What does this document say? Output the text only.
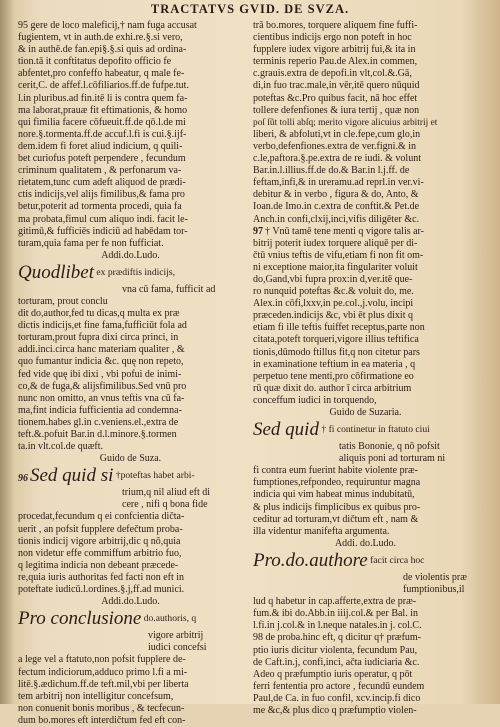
TRACTATVS GVID. DE SVZA.
95 gere de loco maleficij,† nam fuga accusat
fugientem, vt in auth.de exhi.re.§.si vero,
& in authē.de fan.epi§.§.si quis ad ordina-
tion.tā it conftitatus depofito officio fe
abfentet,pro confeffo habeatur, q male fe-
cerit,C. de affef.l.cōfiliarios.ff.de fufpe.tut.
l.in pluribus.ad fin.itē li is contra quem fa-
ma laborat,prauæ fit eftimationis, & homo
qui fimilia facere cōfueuit.ff.de qō.l.de mi
nore.§.tormenta.ff.de accuf.l.fi is cui.§.ijf-
dem.idem fi foret aliud indicium, q quili-
bet curiofus poteft perpendere , fecundum
criminum qualitatem , & perfonarum va-
rietatem,tunc cum adeft aliquod de prædi-
ctis indicijs,vel alijs fimilibus,& fama pro
betur,poterit ad tormenta procedi, quia fa
ma probata,fimul cum aliquo indi. facit le-
gitimū,& fufficiēs indiciū ad habēdam tor-
turam,quia fama per fe non fufficiat.
Addi.do.Ludo.
Quodlibet $^{ex prædiftis indicijs,}$
vna cū fama, fufficit ad
torturam, prout conclu
dit do,author,fed tu dicas,q multa ex præ
dictis indicijs,et fine fama,fufficiūt fola ad
torturam,prout fupra dixi circa princi, in
addi.inci.circa hanc materiam qualiter , &
quo fumantur indicia &c. quę non repeto,
fed vide quę ibi dixi , vbi pofui de inimi-
co,& de fuga,& alijsfimilibus.Sed vnū pro
nunc non omitto, an vnus teftis vna cū fa-
ma,fint indicia fufficientia ad condemna-
tionem.habes gl.in c.veniens.el.,extra de
teft.&.pofuit Bar.in d.l.minore.§.tormen
ta.in vlt.col.de quæft.
Guido de Suza.
96 Sed quid si $^{\dagger poteftas habet arbi-}$
trium,q nil aliud eft di
cere , nifi q bona fide
procedat,fecundum q ei confcientia dičta-
uerit , an pofsit fupplere defečtum proba-
tionis indicij vigore arbitrij,dic q nō,quia
non videtur effe commiffum arbitrio fuo,
q legitima indicia non debeant præcede-
re,quia iuris authoritas fed facti non eft in
poteftate iudicū.l.ordines.§.j,ff.ad munici.
Addi.do.Ludo.
Pro conclusione $^{do.authoris, q}$
vigore arbitrij
iudici concefsi
a lege vel a ftatuto,non pofsit fupplere de-
fectum indiciorum,adduco primo l.fi a mi-
litē.§.ædichum.ff.de teft.mil,vbi per liberta
tem arbitrij non intelligitur concefsum,
non conuenit bonis moribus , & tecfecun-
dum bo.mores eft interdičtum fed eft con-
trā bo.mores, torquere aliquem fine fuffi-
cientibus indicijs ergo non poteft in hoc
fupplere iudex vigore arbitrij fui,& ita in
terminis reperio Pau.de Alex.in commen,
c.grauis.extra de depofi.in vlt,col.&.Gā,
di,in fuo trac.male,in vēr,itē quero nūquid
poteftas &c.Pro quibus facit, nā hoc effet
tollere defenfiones & iura tertij , quæ non
poſ ſũt tolli abſq; merito vigore alicuius arbitrij et
liberi, & abfoluti,vt in cle.fepe,cum glo,in
verbo,defenfiones.extra de ver.figni.& in
c.le,paftora.§.pe.extra de re iudi. & volunt
Bar.in.l.illius.ff.de do.& Bar.in l.j.ff. de
feftam,infi,& in ureramu.ad reprl.in ver.vi-
debitur & in verbo , figura & do, Anto, &
Ioan.de Imo.in c.extra de conftit.& Pet.de
Anch.in confi,clxij,inci,vifis diligēter &c.
97 † Vnū tamē tene menti q vigore talis ar-
bitrij poterit iudex torquere aliquē per di-
čtū vnius teftis de vifu,etiam fi non fit om-
ni exceptione maior,ita fingulariter voluit
do,Gand,vbi fupra prox:in d,ver.itē que-
ro nunquid poteftas &c.& voluit do, me.
Alex.in cōfi,lxxv,in pe.col.,j.volu, incipi
præceden.indicijs &c, vbi ēt plus dixit q
etiam fi ille teftis fuiffet receptus,parte non
citata,poteft torqueri,vigore illius teftifica
tionis,dūmodo ftillus fit,q non citetur pars
in examinatione teftium in ea materia , q
perpetuo tene menti,pro cōfirmatione eo
rū quæ dixit do. author ī circa arbitrium
conceffum iudici in torquendo,
Guido de Suzaria.
Sed quid $^{\dagger fi continetur in ftatuto ciui}$
tatis Bononie, q nō pofsit
aliquis poni ad torturam ni
fi contra eum fuerint habite violente præ-
fumptiones,refpondeo, requiruntur magna
indicia qui vim habeat minus indubitatū,
& plus indicijs fimplicibus ex quibus pro-
ceditur ad torturam,vt dičtum eft , nam &
illa videntur manifefta argumenta.
Addi. do.Ludo.
Pro.do.authore $^{facit circa hoc}$
de violentis præ
fumptionibus,il
lud q habetur in cap.afferte,extra de præ-
fum.& ibi do.Abb.in iiij.col.& per Bal. in
l.fi.in j.col.& in l.neque natales.in j. col.C.
98 de proba.hinc eft, q dicitur q† præfum-
ptio iuris dicitur violenta, fecundum Pau,
de Caft.in.j, confi,inci, ačta iudiciaria &c.
Adeo q præfumptio iuris operatur, q pōt
ferri fententia pro actore , fecundū eundem
Paul,de Ca. in fuo confil, xcv.incip.fi dico
me &c,& plus dico q præfumptio violen-
